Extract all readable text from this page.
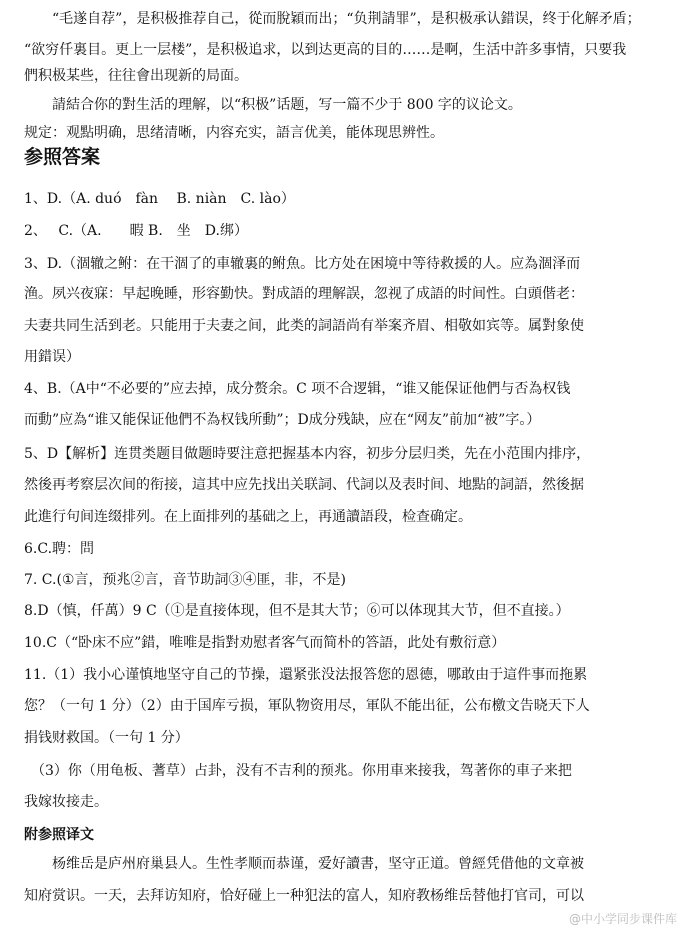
　　“毛遂自荐”，是积极推荐自己，從而脫穎而出；“负荆請罪”，是积极承认錯误，终于化解矛盾；
“欲穷仟裏目。更上一层楼”，是积极追求，以到达更高的目的……是啊，生活中許多事情，只要我
們积极某些，往往會出现新的局面。
　　請結合你的對生活的理解，以“积极”话题，写一篇不少于 800 字的议论文。
规定：观點明确，思绪清晰，内容充实，語言优美，能体现思辨性。
参照答案
1、D.（A. duó　fàn　 B. niàn　C. lào）
2、　 C.（A.　　暇 B.　坐　D.绑）
3、D.（涸辙之鲋：在干涸了的車辙裏的鲋魚。比方处在困境中等待救援的人。应為涸泽而
渔。夙兴夜寐：早起晚睡，形容勤快。對成語的理解誤，忽视了成語的时间性。白頭偕老：
夫妻共同生活到老。只能用于夫妻之间，此类的詞語尚有举案齐眉、相敬如宾等。属對象使
用錯误）
4、B.（A中“不必要的”应去掉，成分赘余。C 项不合逻辑，“谁又能保证他們与否為权钱
而動”应為“谁又能保证他們不為权钱所動”；D成分残缺，应在“网友”前加“被”字。）
5、D【解析】连贯类题目做题時要注意把握基本内容，初步分层归类，先在小范围内排序，
然後再考察层次间的衔接，這其中应先找出关联詞、代詞以及表时间、地點的詞語，然後据
此進行句间连缀排列。在上面排列的基础之上，再通讀語段，检查确定。
6.C.聘：問
7. C.(①言，预兆②言，音节助詞③④匪，非，不是)
8.D（慎，仟萬）9 C（①是直接体现，但不是其大节；⑥可以体现其大节，但不直接。）
10.C（“卧床不应”錯，唯唯是指對劝慰者客气而简朴的答語，此处有敷衍意）
11.（1）我小心谨慎地坚守自己的节操，還紧张没法报答您的恩德，哪敢由于這件事而拖累
您？（一句 1 分）（2）由于国库亏损，軍队物资用尽，軍队不能出征，公布檄文告晓天下人
捐钱财救国。（一句 1 分）
　（3）你（用龟板、蓍草）占卦，没有不吉利的预兆。你用車来接我，驾著你的車子来把
我嫁妆接走。
附参照译文
　　杨维岳是庐州府巢县人。生性孝顺而恭谨，爱好讀書，坚守正道。曾經凭借他的文章被
知府赏识。一天，去拜访知府，恰好碰上一种犯法的富人，知府教杨维岳替他打官司，可以
@中小学同步课件库
